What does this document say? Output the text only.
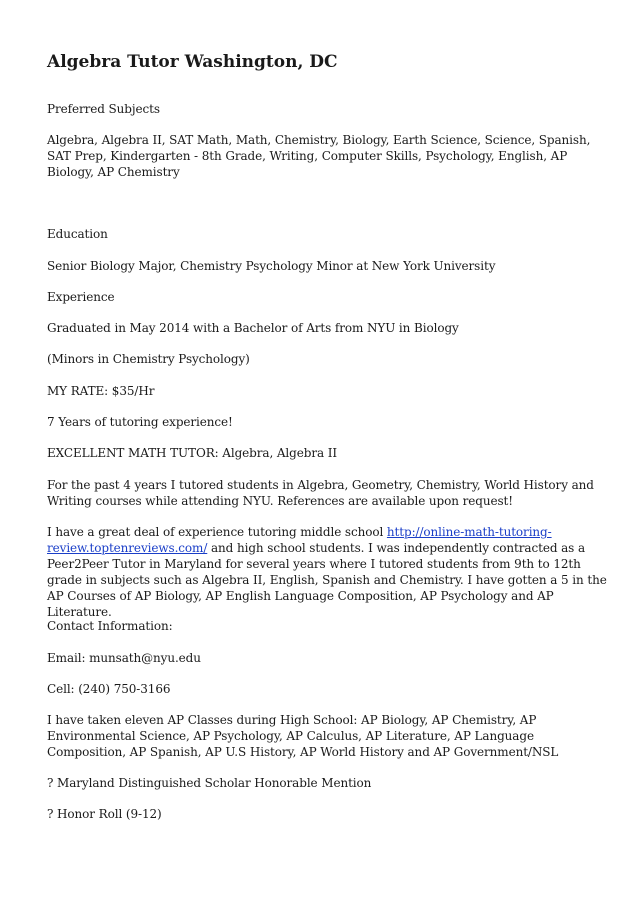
Algebra Tutor Washington, DC

Preferred Subjects

Algebra, Algebra II, SAT Math, Math, Chemistry, Biology, Earth Science, Science, Spanish, SAT Prep, Kindergarten - 8th Grade, Writing, Computer Skills, Psychology, English, AP Biology, AP Chemistry

Education

Senior Biology Major, Chemistry Psychology Minor at New York University

Experience

Graduated in May 2014 with a Bachelor of Arts from NYU in Biology

(Minors in Chemistry Psychology)

MY RATE: $35/Hr

7 Years of tutoring experience!

EXCELLENT MATH TUTOR: Algebra, Algebra II

For the past 4 years I tutored students in Algebra, Geometry, Chemistry, World History and Writing courses while attending NYU. References are available upon request!

I have a great deal of experience tutoring middle school http://online-math-tutoring-review.toptenreviews.com/ and high school students. I was independently contracted as a Peer2Peer Tutor in Maryland for several years where I tutored students from 9th to 12th grade in subjects such as Algebra II, English, Spanish and Chemistry. I have gotten a 5 in the AP Courses of AP Biology, AP English Language Composition, AP Psychology and AP Literature.

Contact Information:

Email: munsath@nyu.edu

Cell: (240) 750-3166

I have taken eleven AP Classes during High School: AP Biology, AP Chemistry, AP Environmental Science, AP Psychology, AP Calculus, AP Literature, AP Language Composition, AP Spanish, AP U.S History, AP World History and AP Government/NSL

? Maryland Distinguished Scholar Honorable Mention

? Honor Roll (9-12)
